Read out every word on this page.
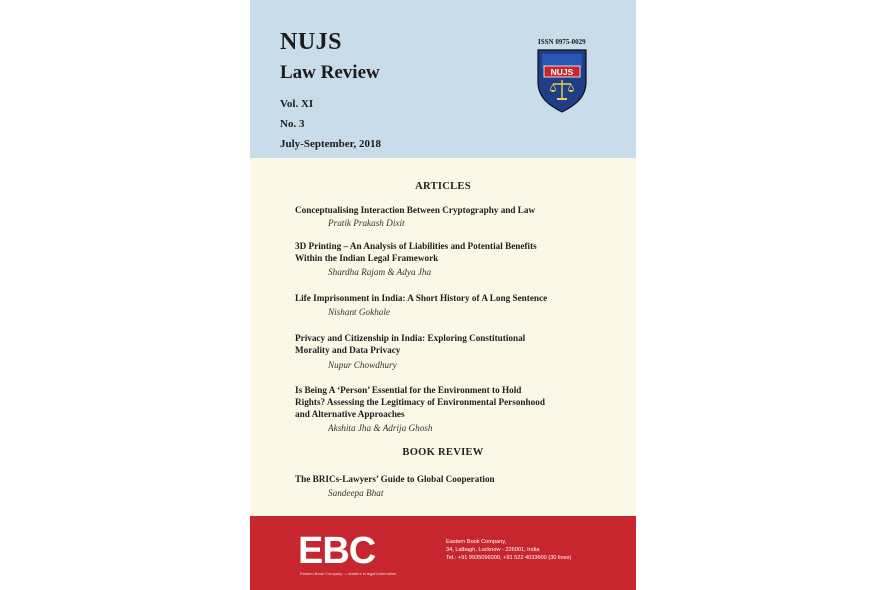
NUJS
Law Review
Vol. XI
No. 3
July-September, 2018
ISSN 0975-0029
NUJS
ARTICLES
Conceptualising Interaction Between Cryptography and Law
Pratik Prakash Dixit
3D Printing – An Analysis of Liabilities and Potential Benefits
Within the Indian Legal Framework
Shardha Rajam & Adya Jha
Life Imprisonment in India: A Short History of A Long Sentence
Nishant Gokhale
Privacy and Citizenship in India: Exploring Constitutional
Morality and Data Privacy
Nupur Chowdhury
Is Being A ‘Person’ Essential for the Environment to Hold
Rights? Assessing the Legitimacy of Environmental Personhood
and Alternative Approaches
Akshita Jha & Adrija Ghosh
BOOK REVIEW
The BRICs-Lawyers’ Guide to Global Cooperation
Sandeepa Bhat
EBC
Eastern Book Company — leaders in legal information
Eastern Book Company,
34, Lalbagh, Lucknow - 226001, India
Tel.: +91 9935096000, +91 522 4033600 (30 lines)
